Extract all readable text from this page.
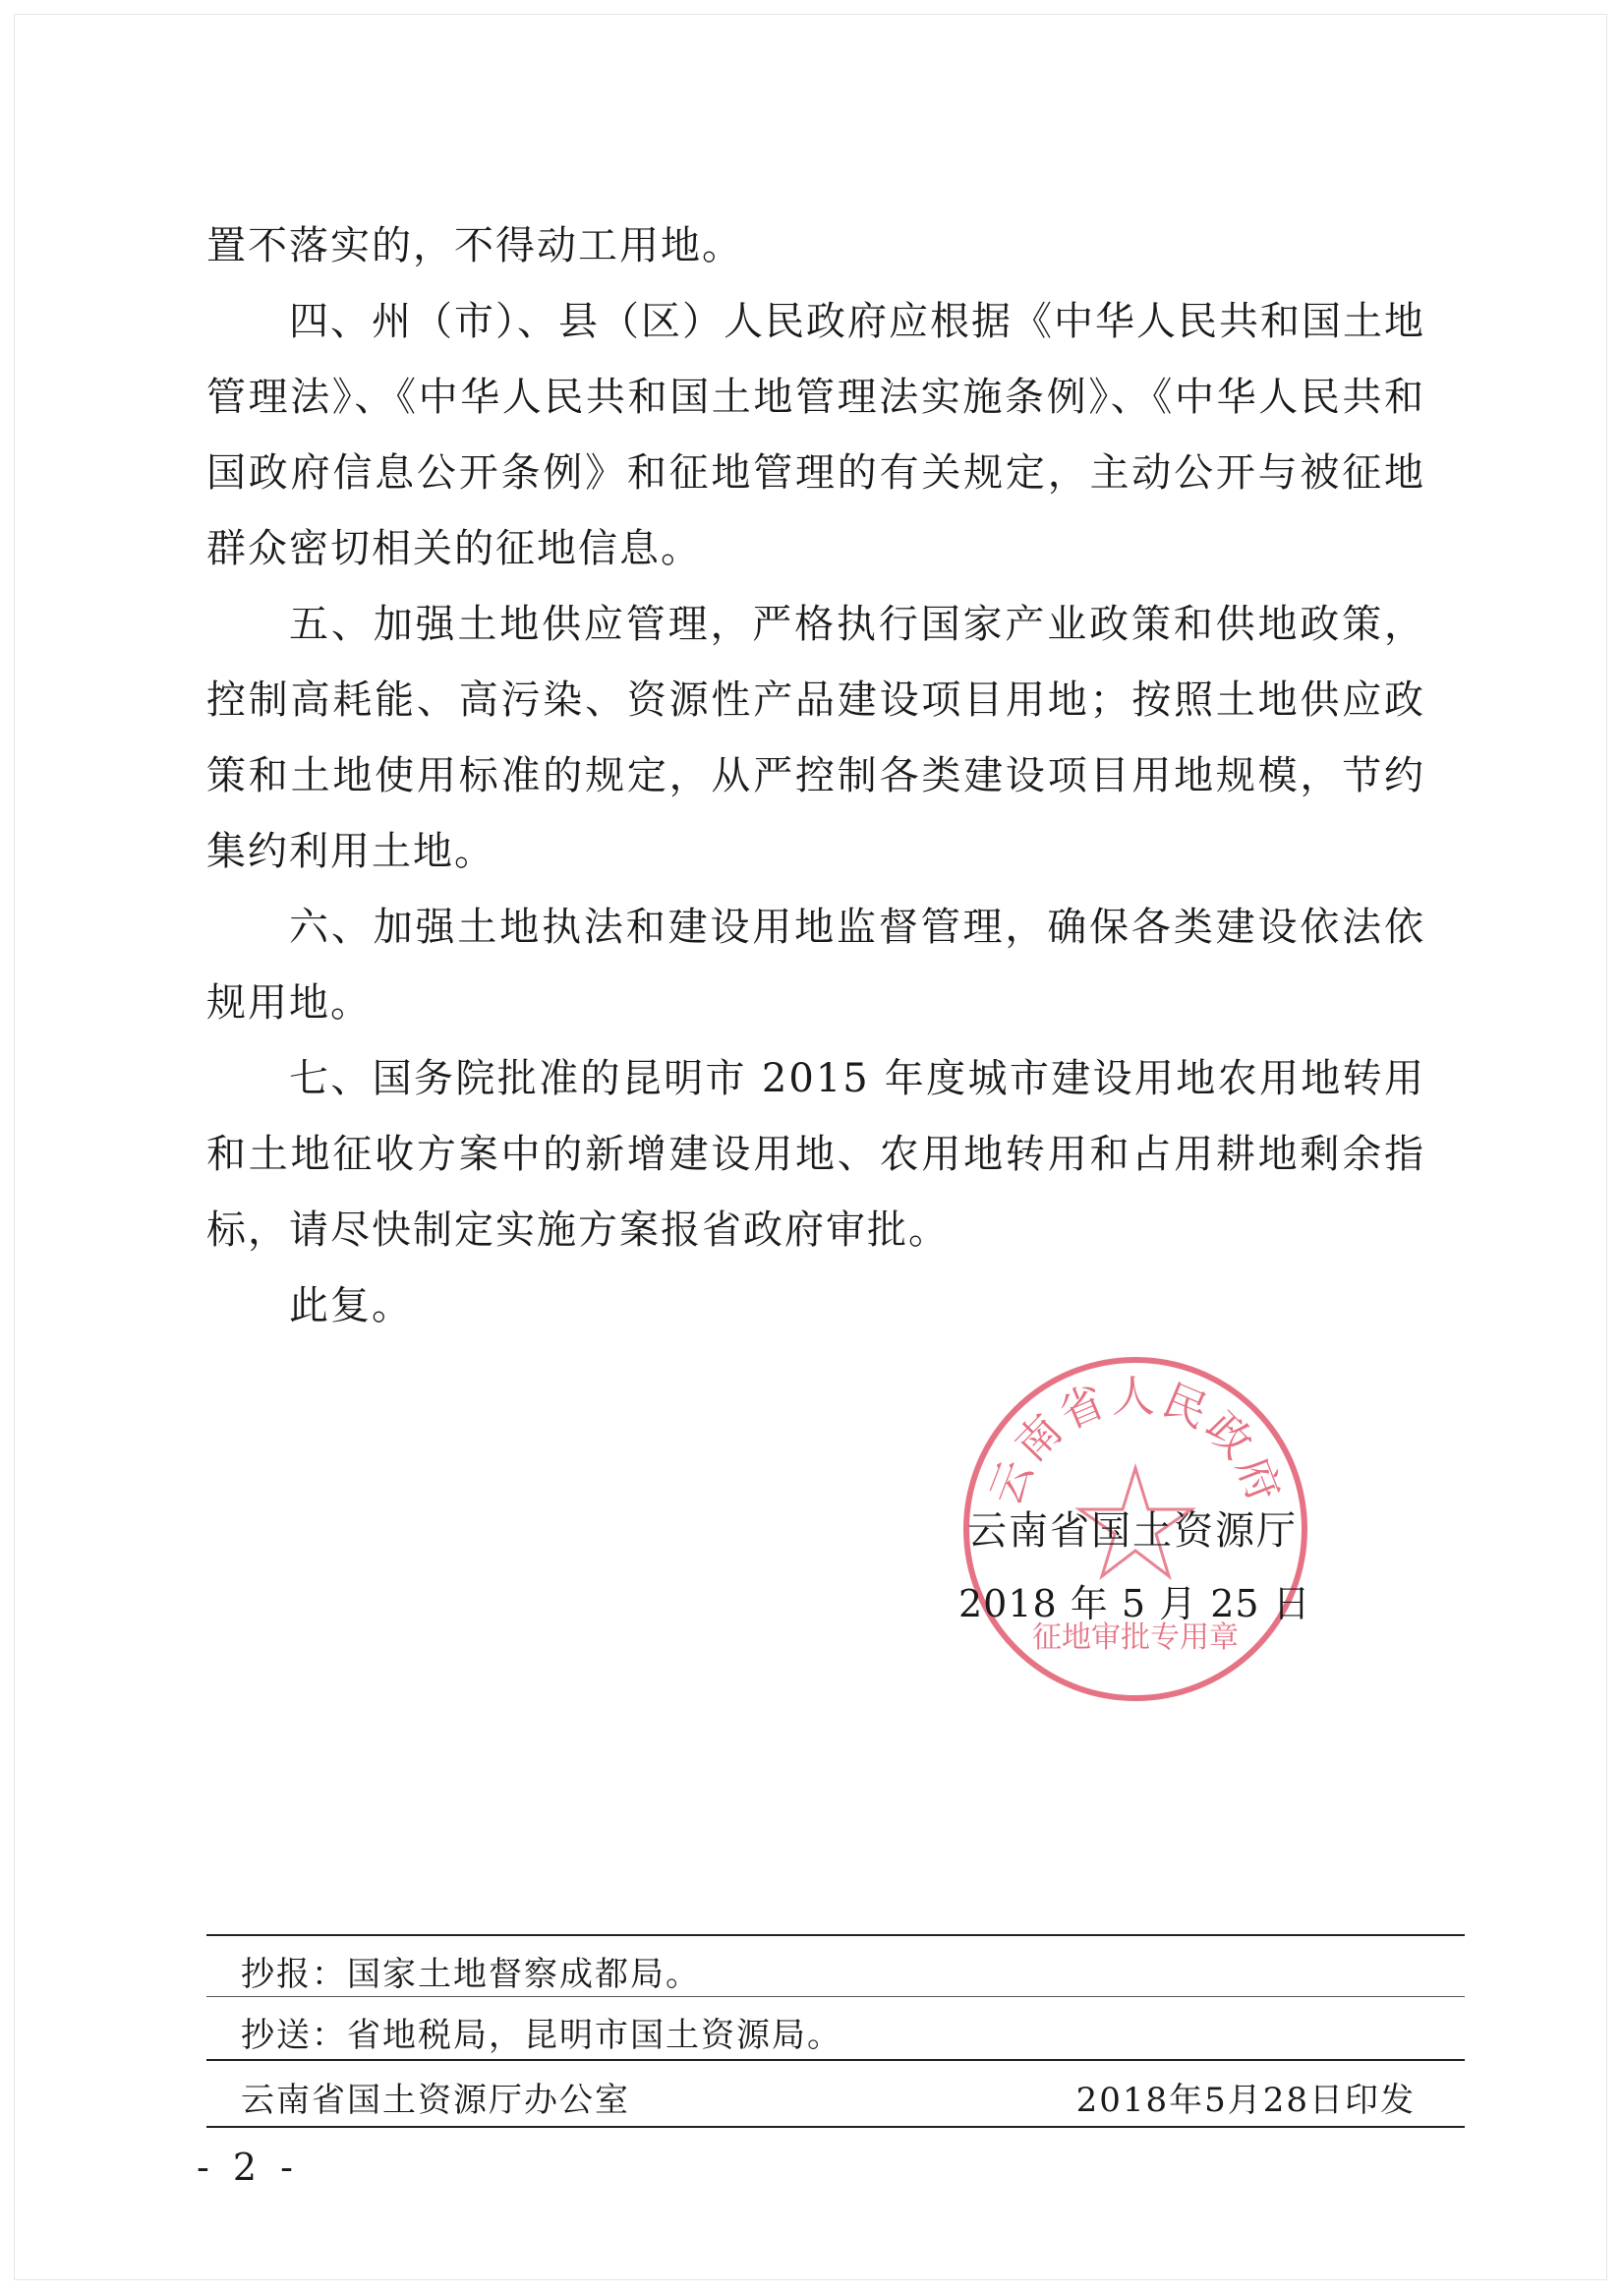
置不落实的，不得动工用地。

四、州（市）、县（区）人民政府应根据《中华人民共和国土地管理法》、《中华人民共和国土地管理法实施条例》、《中华人民共和国政府信息公开条例》和征地管理的有关规定，主动公开与被征地群众密切相关的征地信息。

五、加强土地供应管理，严格执行国家产业政策和供地政策，控制高耗能、高污染、资源性产品建设项目用地；按照土地供应政策和土地使用标准的规定，从严控制各类建设项目用地规模，节约集约利用土地。

六、加强土地执法和建设用地监督管理，确保各类建设依法依规用地。

七、国务院批准的昆明市 2015 年度城市建设用地农用地转用和土地征收方案中的新增建设用地、农用地转用和占用耕地剩余指标，请尽快制定实施方案报省政府审批。

此复。

云南省人民政府
征地审批专用章
云南省国土资源厅
2018 年 5 月 25 日
抄报：国家土地督察成都局。
抄送：省地税局，昆明市国土资源局。
云南省国土资源厅办公室	2018年5月28日印发
- 2 -
